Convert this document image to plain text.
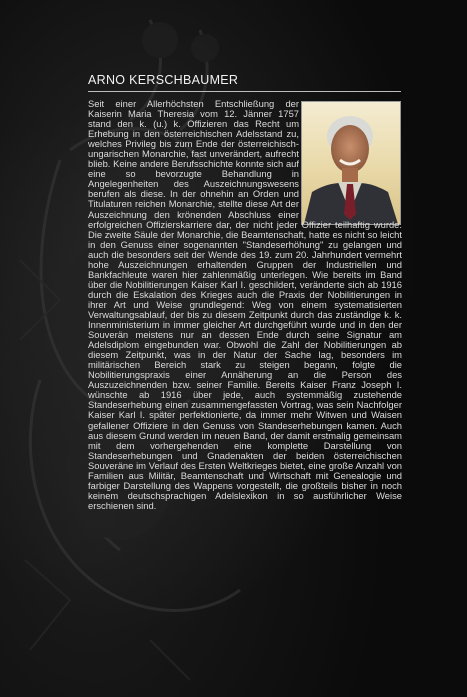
ARNO KERSCHBAUMER

Seit einer Allerhöchsten Entschließung der Kaiserin Maria Theresia vom 12. Jänner 1757 stand den k. (u.) k. Offizieren das Recht um Erhebung in den österreichischen Adelsstand zu, welches Privileg bis zum Ende der österreichisch-ungarischen Monarchie, fast unverändert, aufrecht blieb. Keine andere Berufsschichte konnte sich auf eine so bevorzugte Behandlung in Angelegenheiten des Auszeichnungswesens berufen als diese. In der ohnehin an Orden und Titulaturen reichen Monarchie, stellte diese Art der Auszeichnung den krönenden Abschluss einer erfolgreichen Offizierskarriere dar, der nicht jeder Offizier teilhaftig wurde. Die zweite Säule der Monarchie, die Beamtenschaft, hatte es nicht so leicht in den Genuss einer sogenannten "Standeserhöhung" zu gelangen und auch die besonders seit der Wende des 19. zum 20. Jahrhundert vermehrt hohe Auszeichnungen erhaltenden Gruppen der Industriellen und Bankfachleute waren hier zahlenmäßig unterlegen. Wie bereits im Band über die Nobilitierungen Kaiser Karl I. geschildert, veränderte sich ab 1916 durch die Eskalation des Krieges auch die Praxis der Nobilitierungen in ihrer Art und Weise grundlegend: Weg von einem systematisierten Verwaltungsablauf, der bis zu diesem Zeitpunkt durch das zuständige k. k. Innenministerium in immer gleicher Art durchgeführt wurde und in den der Souverän meistens nur an dessen Ende durch seine Signatur am Adelsdiplom eingebunden war. Obwohl die Zahl der Nobilitierungen ab diesem Zeitpunkt, was in der Natur der Sache lag, besonders im militärischen Bereich stark zu steigen begann, folgte die Nobilitierungspraxis einer Annäherung an die Person des Auszuzeichnenden bzw. seiner Familie. Bereits Kaiser Franz Joseph I. wünschte ab 1916 über jede, auch systemmäßig zustehende Standeserhebung einen zusammengefassten Vortrag, was sein Nachfolger Kaiser Karl I. später perfektionierte, da immer mehr Witwen und Waisen gefallener Offiziere in den Genuss von Standeserhebungen kamen. Auch aus diesem Grund werden im neuen Band, der damit erstmalig gemeinsam mit dem vorhergehenden eine komplette Darstellung von Standeserhebungen und Gnadenakten der beiden österreichischen Souveräne im Verlauf des Ersten Weltkrieges bietet, eine große Anzahl von Familien aus Militär, Beamtenschaft und Wirtschaft mit Genealogie und farbiger Darstellung des Wappens vorgestellt, die großteils bisher in noch keinem deutschsprachigen Adelslexikon in so ausführlicher Weise erschienen sind.
